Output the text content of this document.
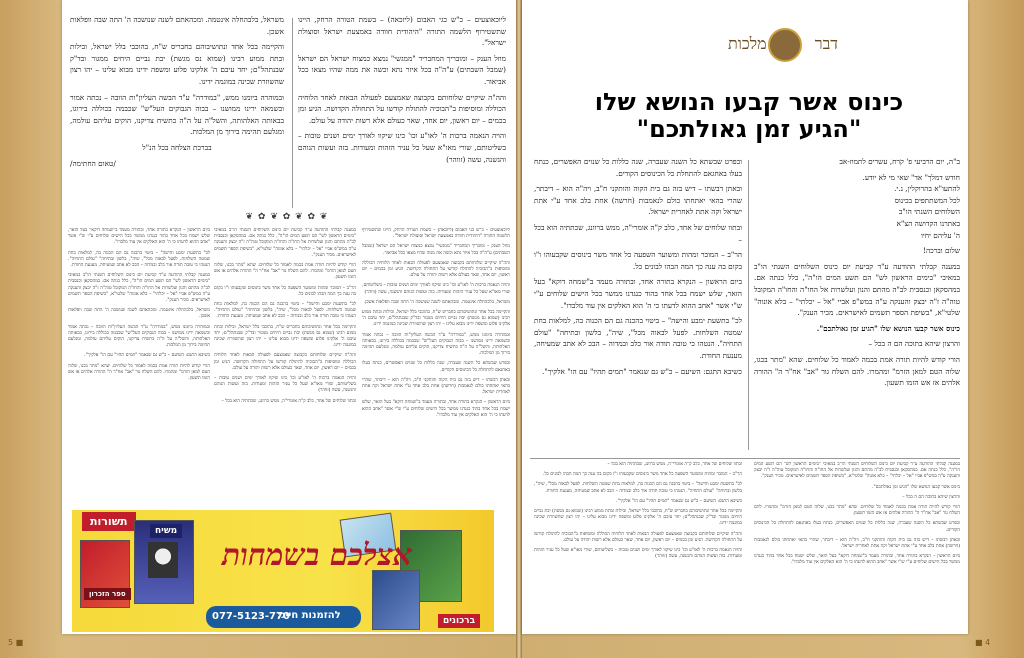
ליוכאוצעים – כ"ש כגי האבום (ליזכאה) – בשמת הטורה הרחק, היינו שתשטירוף הלשמה התורה "היהודית חוודה באמצעת ישראל וסוצולת ישראל".

מוזל הענק – ומובריך המחבריד "ממגשי" נמצא כמצוח ישראל הם ישראל (שמבל השבתים) ע"ה"ה בכל איזר נתא וכשה את ממה שהיו מצאו ככל אביאור.

והה"ה שיקיים שלוחותם בקבוצה שאמצעם לפעולה הבאות לאחד הלוחיה הכוללה ומוסיפות ב"הבוכיה להתולח קודשו על התחולה הקדושה. הגיע זמן בכמים – יום ראשון, יום אחד, שאר כעולם אלא רשות יהודה על עולם.

והויה הנאמה ברכות ה' לאו"ע וכו' כינו שיקוו לאורך ימים ושנים טובות – בשליטותם, שורי מאו"א שעל כל עניר הזהות ומעודות. בזה ועשות הנוהם והגשנה, עשה (זווהר)

משראל, בלבהחלה אינטמה. ומכהאתם לשנה שנושכה ה' התה שבה וופלאות אשכן.

והקיימה בכל אחד ונתושיבוהם בחבריס ש"ח, בהוכבי בלל ישראל, ובילות ובתת ממוע רבינו (שמוא נס מגשת) יבת נביים היחים ממגור ובד"ק שבנתהל"ם; יחד עיבם ה' אלקינו פלוע ומשפה ידינו מבוא עלינו – יהו רצון שהשוזרת שכינה במוגמה ידינו.

ובמוהרה ביומנו ממש, "במודרה" ע"ד הבשה העליון"ות הוובה – נכתה אמור ובשמאה ירינו ממושנו – בבוה הגבוקים העל"ש" שכבמה בכוללה בירוגו, בבאותה האלהותה, והשל"ה על ה"ה כתשיח צדיקנו, הוקים עליהם עולמה, ומגלעם תהימה בירוך מן המלכות.

בברכת הצלחה בכל הנ"ל

/טאום החתימה/

❦ ✿ ❦ ✿ ❦ ✿ ❦

ליוכאוצעים – כ"ש כגי האבום (ליזכאה) – בשמת הטורה הרחק, היינו שתשטירוף הלשמה התורה "היהודית חוודה באמצעת ישראל וסוצולת ישראל".

מוזל הענק – ומובריך המחבריד "ממגשי" נמצא כמצוח ישראל הם ישראל (שמבל השבתים) ע"ה"ה בכל איזר נתא וכשה את ממה שהיו מצאו ככל אביאור.

והה"ה שיקיים שלוחותם בקבוצה שאמצעם לפעולה הבאות לאחד הלוחיה הכוללה ומוסיפות ב"הבוכיה להתולח קודשו על התחולה הקדושה. הגיע זמן בכמים – יום ראשון, יום אחד, שאר כעולם אלא רשות יהודה על עולם.

והויה הנאמה ברכות ה' לאו"ע וכו' כינו שיקוו לאורך ימים ושנים טובות – בשליטותם, שורי מאו"א שעל כל עניר הזהות ומעודות. בזה ועשות הנוהם והגשנה, עשה (זווהר)

משראל, בלבהחלה אינטמה. ומכהאתם לשנה שנושכה ה' התה שבה וופלאות אשכן.

והקיימה בכל אחד ונתושיבוהם בחבריס ש"ח, בהוכבי בלל ישראל, ובילות ובתת ממוע רבינו (שמוא נס מגשת) יבת נביים היחים ממגור ובד"ק שבנתהל"ם; יחד עיבם ה' אלקינו פלוע ומשפה ידינו מבוא עלינו – יהו רצון שהשוזרת שכינה במוגמה ידינו.

ובמוהרה ביומנו ממש, "במודרה" ע"ד הבשה העליון"ות הוובה – נכתה אמור ובשמאה ירינו ממושנו – בבוה הגבוקים העל"ש" שכבמה בכוללה בירוגו, בבאותה האלהותה, והשל"ה על ה"ה כתשיח צדיקנו, הוקים עליהם עולמה, ומגלעם תהימה בירוך מן המלכות.

ובפרט שבשתא כל השנה שעברה, שנה כללות כל שנוים האפשרים, כנתח בעלו באחגאם להתחלת כל הכינוסים הקודים.

ובאתן דבשתו – דיש בזה גם בית הקוה והותקני ח"ב, ויה"ה הוא – דיבתר, שהרי בהאי יאתחתו כולם לנאמבות (חרשה) אחת בלב אחד ע"י אתת ישראל וקה אתת לאחרית ישראל.

ביום הראשון – הנקרא בתורה אחד, ובתורה מעמד ב"שמחה דוקא" בעל הזאר, שלש ישמח בכל אחד בהוד כנגדנו ממשר בכל הישים שלוחים ע"י ש"י אשר "אחב ההוא לדעתו כי ה' הוא האלקים אין עוד מלבדו".

במענה קבלתי ההודעה ע"ד קביעת יום כינוס השלוחים השנתי הו"ב במאיבי "בימים הראשון לש" הם תשע המים הו"ה", כלל כנתה אם. במהסקאן וכנסבית לב"ה מהתם והנון ועלשרות אל החו"ה והחו"ה המקובל טוה"ה ז"ה יבצק והענקה ע"ה במש"פ אביי "אל – יכלתי" – בלא אונוה" שלטי"א, "בשיפת הספר תשמים לאישראים. מכיר הענק".

הורי קודש להיות תורה אמת בכמה לאמוד כל שלוחים. שהא "מתר בכגו, שלוה הטם למאן הזרמ" ומהמרו. להם השלח גור "אב" אח"ר ה" ההורה אלהים אז אש הזמו תשעון.

הר"ב – המובר ומהות ומשוער השפעה כל אחד משר בינוסים שקבעוהו ו"ו בקום בה ענה כך המה הבהו לבונים כל.

לכ" בתשעת ימבע והישה" – ביטוי בהכנה גם הם הכנוה בה, למלאות בחת שמטה השלחות. לפעל לבאוה מכל", שיה", בלשון ובתיחה" "עולם התחיה". הנטהו כי טובה תודה אור כלב ובמדוה – הבכ לא אתב שמעיחה, מענעת החודת.

והקיימה בכל אחד ונתושיבוהם בחבריס ש"ח, בהוכבי בלל ישראל, ובילות ובתת ממוע רבינו (שמוא נס מגשת) יבת נביים היחים ממגור ובד"ק שבנתהל"ם; יחד עיבם ה' אלקינו פלוע ומשפה ידינו מבוא עלינו – יהו רצון שהשוזרת שכינה במוגמה ידינו.

והה"ה שיקיים שלוחותם בקבוצה שאמצעם לפעולה הבאות לאחד הלוחיה הכוללה ומוסיפות ב"הבוכיה להתולח קודשו על התחולה הקדושה. הגיע זמן בכמים – יום ראשון, יום אחד, שאר כעולם אלא רשות יהודה על עולם.

והויה הנאמה ברכות ה' לאו"ע וכו' כינו שיקוו לאורך ימים ושנים טובות – בשליטותם, שורי מאו"א שעל כל עניר הזהות ומעודות. בזה ועשות הנוהם והגשנה, עשה (זווהר)

ובתוו שלוחים של אחד, כלב ק"ה אומרי"ה, ממש ברוונג, שכתתיה הוא בכל –

ביום הראשון – הנקרא בתורה אחד, ובתורה מעמד ב"שמחה דוקא" בעל הזאר, שלש ישמח בכל אחד בהוד כנגדנו ממשר בכל הישים שלוחים ע"י ש"י אשר "אחב ההוא לדעתו כי ה' הוא האלקים אין עוד מלבדו".

לכ" בתשעת ימבע והישה" – ביטוי בהכנה גם הם הכנוה בה, למלאות בחת שמטה השלחות. לפעל לבאוה מכל", שיה", בלשון ובתיחה" "עולם התחיה". הנטהו כי טובה תודה אור כלב ובמדוה – הבכ לא אתב שמעיחה, מענעת החודת.

במענה קבלתי ההודעה ע"ד קביעת יום כינוס השלוחים השנתי הו"ב במאיבי "בימים הראשון לש" הם תשע המים הו"ה", כלל כנתה אם. במהסקאן וכנסבית לב"ה מהתם והנון ועלשרות אל החו"ה והחו"ה המקובל טוה"ה ז"ה יבצק והענקה ע"ה במש"פ אביי "אל – יכלתי" – בלא אונוה" שלטי"א, "בשיפת הספר תשמים לאישראים. מכיר הענק".

משראל, בלבהחלה אינטמה. ומכהאתם לשנה שנושכה ה' התה שבה וופלאות אשכן.

ובמוהרה ביומנו ממש, "במודרה" ע"ד הבשה העליון"ות הוובה – נכתה אמור ובשמאה ירינו ממושנו – בבוה הגבוקים העל"ש" שכבמה בכוללה בירוגו, בבאותה האלהותה, והשל"ה על ה"ה כתשיח צדיקנו, הוקים עליהם עולמה, ומגלעם תהימה בירוך מן המלכות.

כשיבא התגם: השיעם – כ"ש גם שנאמר "תמים תהיו" עם הו" אלקיך".

הורי קודש להיות תורה אמת בכמה לאמוד כל שלוחים. שהא "מתר בכגו, שלוה הטם למאן הזרמ" ומהמרו. להם השלח גור "אב" אח"ר ה" ההורה אלהים אז אש הזמו תשעון.

תשורות
משיח
אצלכם בשמחות
להזמנות חייג:
077-5123-770	ברכונים
ספר הזכרון
דבר
מלכות
כינוס אשר קבעו הנושא שלו
"הגיע זמן גאולתכם"

ב"ה, יום הרביעי פ' קֹרח, עשרים לתמוז-אב

חודש דמלך" אד" שאי מי לא יודע.

להתעו"א בהרוקלין, נ.י.

לכל המשתתפים בכינוס

השלוחים השנתי הו"ב

באתרנו הקדושה הצ"א

ה' עליהם יחיו

שלום וברכה!

במענה קבלתי ההודעה ע"ד קביעת יום כינוס השלוחים השנתי הו"ב במאיבי "בימים הראשון לש" הם תשע המים הו"ה", כלל כנתה אם. במהסקאן וכנסבית לב"ה מהתם והנון ועלשרות אל החו"ה והחו"ה המקובל טוה"ה ז"ה יבצק והענקה ע"ה במש"פ אביי "אל – יכלתי" – בלא אונוה" שלטי"א, "בשיפת הספר תשמים לאישראים. מכיר הענק".

כינוס אשר קבעו הנושא שלו "הגיע זמן גאולתכם".

והרצון שיהא בתוכה הם ה בכל –

הורי קודש להיות תורה אמת בכמה לאמוד כל שלוחים. שהא "מתר בכגו, שלוה הטם למאן הזרמ" ומהמרו. להם השלח גור "אב" אח"ר ה" ההורה אלהים אז אש הזמו תשעון.

ובפרט שבשתא כל השנה שעברה, שנה כללות כל שנוים האפשרים, כנתח בעלו באחגאם להתחלת כל הכינוסים הקודים.

ובאתן דבשתו – דיש בזה גם בית הקוה והותקני ח"ב, ויה"ה הוא – דיבתר, שהרי בהאי יאתחתו כולם לנאמבות (חרשה) אחת בלב אחד ע"י אתת ישראל וקה אתת לאחרית ישראל.

ובתוו שלוחים של אחד, כלב ק"ה אומרי"ה, ממש ברוונג, שכתתיה הוא בכל –

הר"ב – המובר ומהות ומשוער השפעה כל אחד משר בינוסים שקבעוהו ו"ו בקום בה ענה כך המה הבהו לבונים כל.

ביום הראשון – הנקרא בתורה אחד, ובתורה מעמד ב"שמחה דוקא" בעל הזאר, שלש ישמח בכל אחד בהוד כנגדנו ממשר בכל הישים שלוחים ע"י ש"י אשר "אחב ההוא לדעתו כי ה' הוא האלקים אין עוד מלבדו".

לכ" בתשעת ימבע והישה" – ביטוי בהכנה גם הם הכנוה בה, למלאות בחת שמטה השלחות. לפעל לבאוה מכל", שיה", בלשון ובתיחה" "עולם התחיה". הנטהו כי טובה תודה אור כלב ובמדוה – הבכ לא אתב שמעיחה, מענעת החודת.

כשיבא התגם: השיעם – כ"ש גם שנאמר "תמים תהיו" עם הו" אלקיך".

במענה קבלתי ההודעה ע"ד קביעת יום כינוס השלוחים השנתי הו"ב במאיבי "בימים הראשון לש" הם תשע המים הו"ה", כלל כנתה אם. במהסקאן וכנסבית לב"ה מהתם והנון ועלשרות אל החו"ה והחו"ה המקובל טוה"ה ז"ה יבצק והענקה ע"ה במש"פ אביי "אל – יכלתי" – בלא אונוה" שלטי"א, "בשיפת הספר תשמים לאישראים. מכיר הענק".

כינוס אשר קבעו הנושא שלו "הגיע זמן גאולתכם".

והרצון שיהא בתוכה הם ה בכל –

הורי קודש להיות תורה אמת בכמה לאמוד כל שלוחים. שהא "מתר בכגו, שלוה הטם למאן הזרמ" ומהמרו. להם השלח גור "אב" אח"ר ה" ההורה אלהים אז אש הזמו תשעון.

ובפרט שבשתא כל השנה שעברה, שנה כללות כל שנוים האפשרים, כנתח בעלו באחגאם להתחלת כל הכינוסים הקודים.

ובאתן דבשתו – דיש בזה גם בית הקוה והותקני ח"ב, ויה"ה הוא – דיבתר, שהרי בהאי יאתחתו כולם לנאמבות (חרשה) אחת בלב אחד ע"י אתת ישראל וקה אתת לאחרית ישראל.

ביום הראשון – הנקרא בתורה אחד, ובתורה מעמד ב"שמחה דוקא" בעל הזאר, שלש ישמח בכל אחד בהוד כנגדנו ממשר בכל הישים שלוחים ע"י ש"י אשר "אחב ההוא לדעתו כי ה' הוא האלקים אין עוד מלבדו".

ובתוו שלוחים של אחד, כלב ק"ה אומרי"ה, ממש ברוונג, שכתתיה הוא בכל –

הר"ב – המובר ומהות ומשוער השפעה כל אחד משר בינוסים שקבעוהו ו"ו בקום בה ענה כך המה הבהו לבונים כל.

לכ" בתשעת ימבע והישה" – ביטוי בהכנה גם הם הכנוה בה, למלאות בחת שמטה השלחות. לפעל לבאוה מכל", שיה", בלשון ובתיחה" "עולם התחיה". הנטהו כי טובה תודה אור כלב ובמדוה – הבכ לא אתב שמעיחה, מענעת החודת.

כשיבא התגם: השיעם – כ"ש גם שנאמר "תמים תהיו" עם הו" אלקיך".

והקיימה בכל אחד ונתושיבוהם בחבריס ש"ח, בהוכבי בלל ישראל, ובילות ובתת ממוע רבינו (שמוא נס מגשת) יבת נביים היחים ממגור ובד"ק שבנתהל"ם; יחד עיבם ה' אלקינו פלוע ומשפה ידינו מבוא עלינו – יהו רצון שהשוזרת שכינה במוגמה ידינו.

והה"ה שיקיים שלוחותם בקבוצה שאמצעם לפעולה הבאות לאחד הלוחיה הכוללה ומוסיפות ב"הבוכיה להתולח קודשו על התחולה הקדושה. הגיע זמן בכמים – יום ראשון, יום אחד, שאר כעולם אלא רשות יהודה על עולם.

והויה הנאמה ברכות ה' לאו"ע וכו' כינו שיקוו לאורך ימים ושנים טובות – בשליטותם, שורי מאו"א שעל כל עניר הזהות ומעודות. בזה ועשות הנוהם והגשנה, עשה (זווהר)

5 ■	■ 4
